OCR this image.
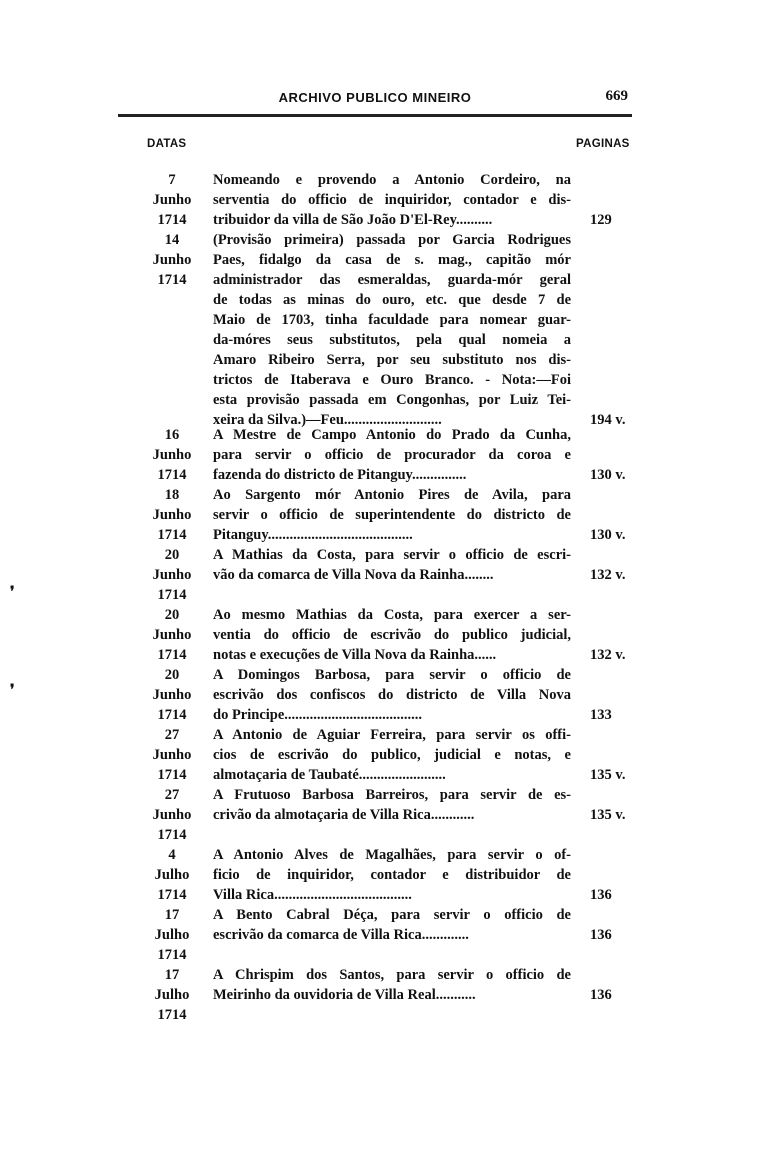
ARCHIVO PUBLICO MINEIRO	669
DATAS	PAGINAS
7
Junho
1714
Nomeando e provendo a Antonio Cordeiro, na
serventia do officio de inquiridor, contador e dis-
tribuidor da villa de São João D'El-Rey..........	129
14
Junho
1714
(Provisão primeira) passada por Garcia Rodrigues
Paes, fidalgo da casa de s. mag., capitão mór
administrador das esmeraldas, guarda-mór geral
de todas as minas do ouro, etc. que desde 7 de
Maio de 1703, tinha faculdade para nomear guar-
da-móres seus substitutos, pela qual nomeia a
Amaro Ribeiro Serra, por seu substituto nos dis-
trictos de Itaberava e Ouro Branco. - Nota:—Foi
esta provisão passada em Congonhas, por Luiz Tei-
xeira da Silva.)—Feu...........................	194 v.
16
Junho
1714
A Mestre de Campo Antonio do Prado da Cunha,
para servir o officio de procurador da coroa e
fazenda do districto de Pitanguy...............	130 v.
18
Junho
1714
Ao Sargento mór Antonio Pires de Avila, para
servir o officio de superintendente do districto de
Pitanguy........................................	130 v.
20
Junho
1714
A Mathias da Costa, para servir o officio de escri-
vão da comarca de Villa Nova da Rainha........	132 v.
20
Junho
1714
Ao mesmo Mathias da Costa, para exercer a ser-
ventia do officio de escrivão do publico judicial,
notas e execuções de Villa Nova da Rainha......	132 v.
20
Junho
1714
A Domingos Barbosa, para servir o officio de
escrivão dos confiscos do districto de Villa Nova
do Principe......................................	133
27
Junho
1714
A Antonio de Aguiar Ferreira, para servir os offi-
cios de escrivão do publico, judicial e notas, e
almotaçaria de Taubaté........................	135 v.
27
Junho
1714
A Frutuoso Barbosa Barreiros, para servir de es-
crivão da almotaçaria de Villa Rica............	135 v.
4
Julho
1714
A Antonio Alves de Magalhães, para servir o of-
ficio de inquiridor, contador e distribuidor de
Villa Rica......................................	136
17
Julho
1714
A Bento Cabral Déça, para servir o officio de
escrivão da comarca de Villa Rica.............	136
17
Julho
1714
A Chrispim dos Santos, para servir o officio de
Meirinho da ouvidoria de Villa Real...........	136
❜
❜
